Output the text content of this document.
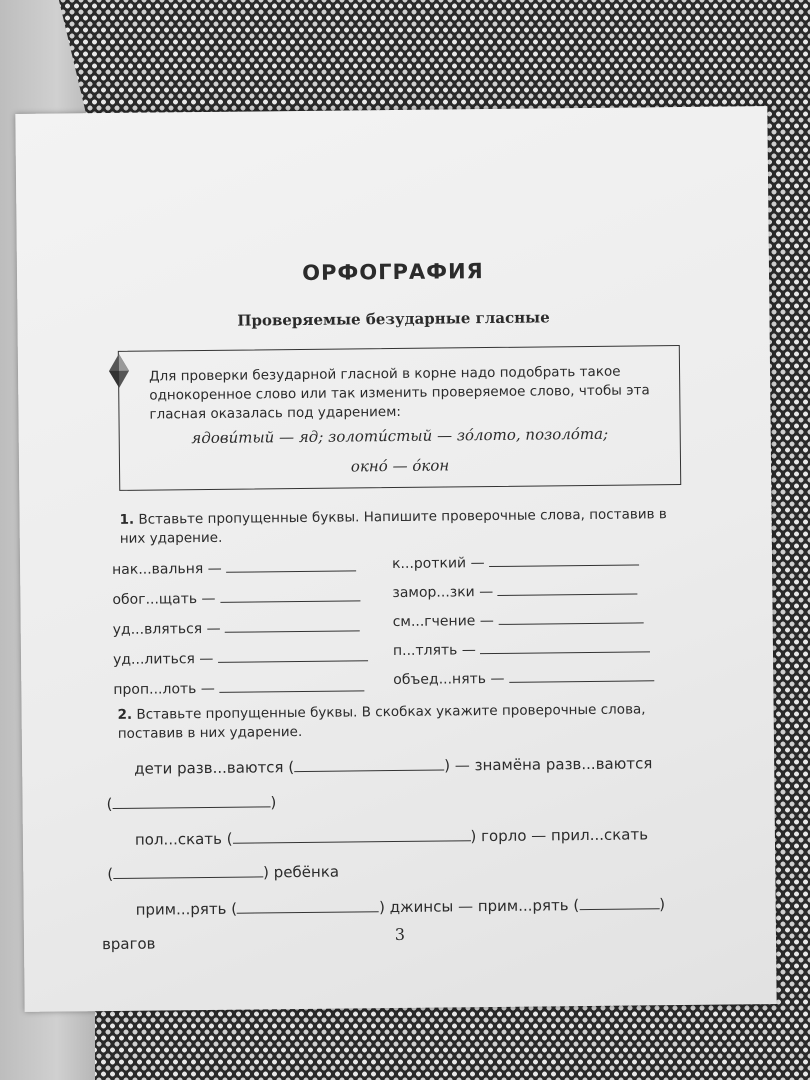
ОРФОГРАФИЯ
Проверяемые безударные гласные
Для проверки безударной гласной в корне надо подобрать такое однокоренное слово или так изменить проверяемое слово, чтобы эта гласная оказалась под ударением:
ядови́тый — яд; золоти́стый — зо́лото, позоло́та;
окно́ — о́кон
1. Вставьте пропущенные буквы. Напишите проверочные слова, поставив в них ударение.
нак...вальня —
обог...щать —
уд...вляться —
уд...литься —
проп...лоть —
к...роткий —
замор...зки —
см...гчение —
п...тлять —
объед...нять —
2. Вставьте пропущенные буквы. В скобках укажите проверочные слова, поставив в них ударение.
дети разв...ваются (	) — знамёна разв...ваются
(	)
пол...скать (	) горло — прил...скать
(	) ребёнка
прим...рять (	) джинсы — прим...рять (	)
врагов	3
